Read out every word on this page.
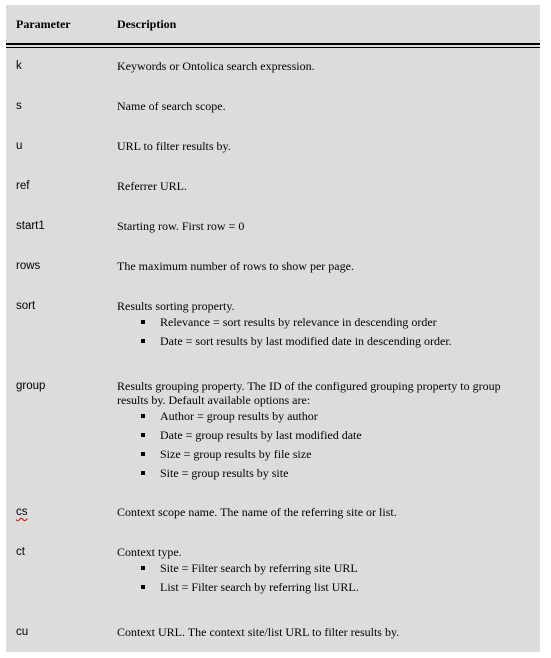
Parameter	Description
k	Keywords or Ontolica search expression.
s	Name of search scope.
u	URL to filter results by.
ref	Referrer URL.
start1	Starting row. First row = 0
rows	The maximum number of rows to show per page.
sort	Results sorting property.
Relevance = sort results by relevance in descending order
Date = sort results by last modified date in descending order.
group	Results grouping property. The ID of the configured grouping property to group results by. Default available options are:
Author = group results by author
Date = group results by last modified date
Size = group results by file size
Site = group results by site
cs	Context scope name. The name of the referring site or list.
ct	Context type.
Site = Filter search by referring site URL
List = Filter search by referring list URL.
cu	Context URL. The context site/list URL to filter results by.
